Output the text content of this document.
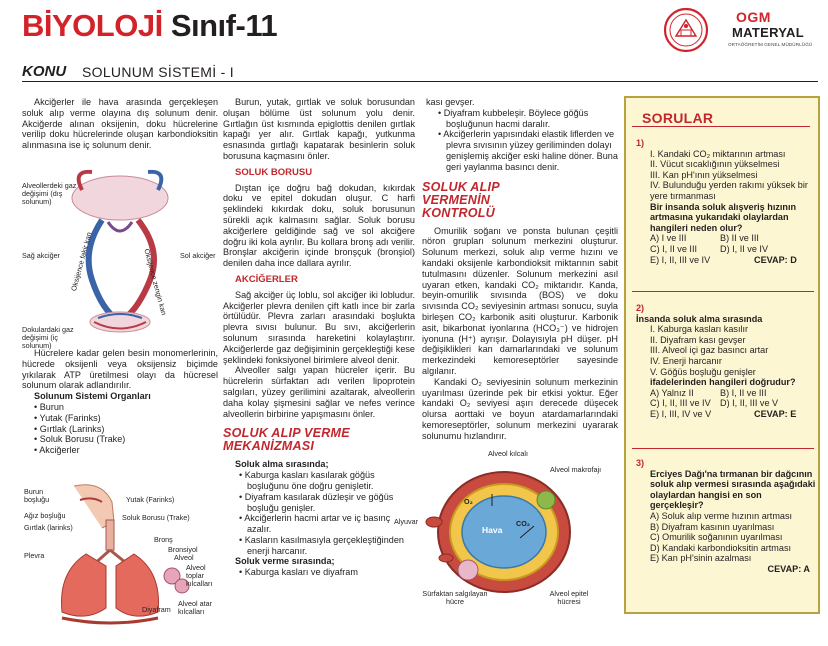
BİYOLOJİ Sınıf-11	OGM
MATERYAL
ORTAÖĞRETİM GENEL MÜDÜRLÜĞÜ
KONU SOLUNUM SİSTEMİ - I

Akciğerler ile hava arasında gerçekleşen soluk alıp verme olayına dış solunum denir. Akciğerde alınan oksijenin, doku hücrelerine verilip doku hücrelerinde oluşan karbondioksitin alınmasına ise iç solunum denir.

Alveollerdeki gaz değişimi (dış solunum)
Sağ akciğer	Sol akciğer
Dokulardaki gaz değişimi (iç solunum)
Oksijence fakir kan	Oksijence zengin kan

Hücrelere kadar gelen besin monomerlerinin, hücrede oksijenli veya oksijensiz biçimde yıkılarak ATP üretilmesi olayı da hücresel solunum olarak adlandırılır.

Solunum Sistemi Organları
• Burun
• Yutak (Farinks)
• Gırtlak (Larinks)
• Soluk Borusu (Trake)
• Akciğerler
Burun boşluğu
Ağız boşluğu
Gırtlak (larinks)
Plevra
Yutak (Farinks)
Soluk Borusu (Trake)
Bronş
Bronsiyol
Alveol
Alveol toplar kılcalları
Alveol atar kılcalları
Diyafram

Burun, yutak, gırtlak ve soluk borusundan oluşan bölüme üst solunum yolu denir. Gırtlağın üst kısmında epiglottis denilen gırtlak kapağı yer alır. Gırtlak kapağı, yutkunma esnasında gırtlağı kapatarak besinlerin soluk borusuna kaçmasını önler.

SOLUK BORUSU

Dıştan içe doğru bağ dokudan, kıkırdak doku ve epitel dokudan oluşur. C harfi şeklindeki kıkırdak doku, soluk borusunun sürekli açık kalmasını sağlar. Soluk borusu akciğerlere geldiğinde sağ ve sol akciğere doğru iki kola ayrılır. Bu kollara bronş adı verilir. Bronşlar akciğerin içinde bronşçuk (bronşiol) denilen daha ince dallara ayrılır.

AKCİĞERLER

Sağ akciğer üç loblu, sol akciğer iki lobludur. Akciğerler plevra denilen çift katlı ince bir zarla örtülüdür. Plevra zarları arasındaki boşlukta plevra sıvısı bulunur. Bu sıvı, akciğerlerin solunum sırasında hareketini kolaylaştırır. Akciğerlerde gaz değişiminin gerçekleştiği kese şeklindeki fonksiyonel birimlere alveol denir.

Alveoller salgı yapan hücreler içerir. Bu hücrelerin sürfaktan adı verilen lipoprotein salgıları, yüzey gerilimini azaltarak, alveollerin daha kolay şişmesini sağlar ve nefes verince alveollerin birbirine yapışmasını önler.

SOLUK ALIP VERME MEKANİZMASI
Soluk alma sırasında;
• Kaburga kasları kasılarak göğüs boşluğunu öne doğru genişletir.
• Diyafram kasılarak düzleşir ve göğüs boşluğu genişler.
• Akciğerlerin hacmi artar ve iç basınç azalır.
• Kasların kasılmasıyla gerçekleştiğinden enerji harcanır.
Soluk verme sırasında;
• Kaburga kasları ve diyafram
kası gevşer.
• Diyafram kubbeleşir. Böylece göğüs boşluğunun hacmi daralır.
• Akciğerlerin yapısındaki elastik liflerden ve plevra sıvısının yüzey geriliminden dolayı genişlemiş akciğer eski haline döner. Buna geri yaylanma basıncı denir.
SOLUK ALIP VERMENİN KONTROLÜ

Omurilik soğanı ve ponsta bulunan çeşitli nöron grupları solunum merkezini oluşturur. Solunum merkezi, soluk alıp verme hızını ve kandaki oksijenle karbondioksit miktarının sabit tutulmasını düzenler. Solunum merkezini asıl uyaran etken, kandaki CO₂ miktarıdır. Kanda, beyin-omurilik sıvısında (BOS) ve doku sıvısında CO₂ seviyesinin artması sonucu, suyla birleşen CO₂ karbonik asiti oluşturur. Karbonik asit, bikarbonat iyonlarına (HCO₃⁻) ve hidrojen iyonuna (H⁺) ayrışır. Dolayısıyla pH düşer. pH değişiklikleri kan damarlarındaki ve solunum merkezindeki kemoreseptörler sayesinde algılanır.

Kandaki O₂ seviyesinin solunum merkezinin uyarılması üzerinde pek bir etkisi yoktur. Eğer kandaki O₂ seviyesi aşırı derecede düşecek olursa aorttaki ve boyun atardamarlarındaki kemoreseptörler, solunum merkezini uyararak solunumu hızlandırır.

Alveol kılcalı
Alveol makrofajı
Alyuvar
O₂
Hava
CO₂
Sürfaktan salgılayan hücre
Alveol epitel hücresi
SORULAR
1)
I. Kandaki CO₂ miktarının artması
II. Vücut sıcaklığının yükselmesi
III. Kan pH'ının yükselmesi
IV. Bulunduğu yerden rakımı yüksek bir yere tırmanması
Bir insanda soluk alışveriş hızının artmasına yukarıdaki olaylardan hangileri neden olur?
A) I ve III	B) II ve III
C) I, II ve III	D) I, II ve IV
E) I, II, III ve IV	CEVAP: D
2)
İnsanda soluk alma sırasında
I. Kaburga kasları kasılır
II. Diyafram kası gevşer
III. Alveol içi gaz basıncı artar
IV. Enerji harcanır
V. Göğüs boşluğu genişler
ifadelerinden hangileri doğrudur?
A) Yalnız II	B) I, II ve III
C) I, II, III ve IV	D) I, II, III ve V
E) I, III, IV ve V	CEVAP: E
3)
Erciyes Dağı'na tırmanan bir dağcının soluk alıp vermesi sırasında aşağıdaki olaylardan hangisi en son gerçekleşir?
A) Soluk alıp verme hızının artması
B) Diyafram kasının uyarılması
C) Omurilik soğanının uyarılması
D) Kandaki karbondioksitin artması
E) Kan pH'sinin azalması
CEVAP: A
